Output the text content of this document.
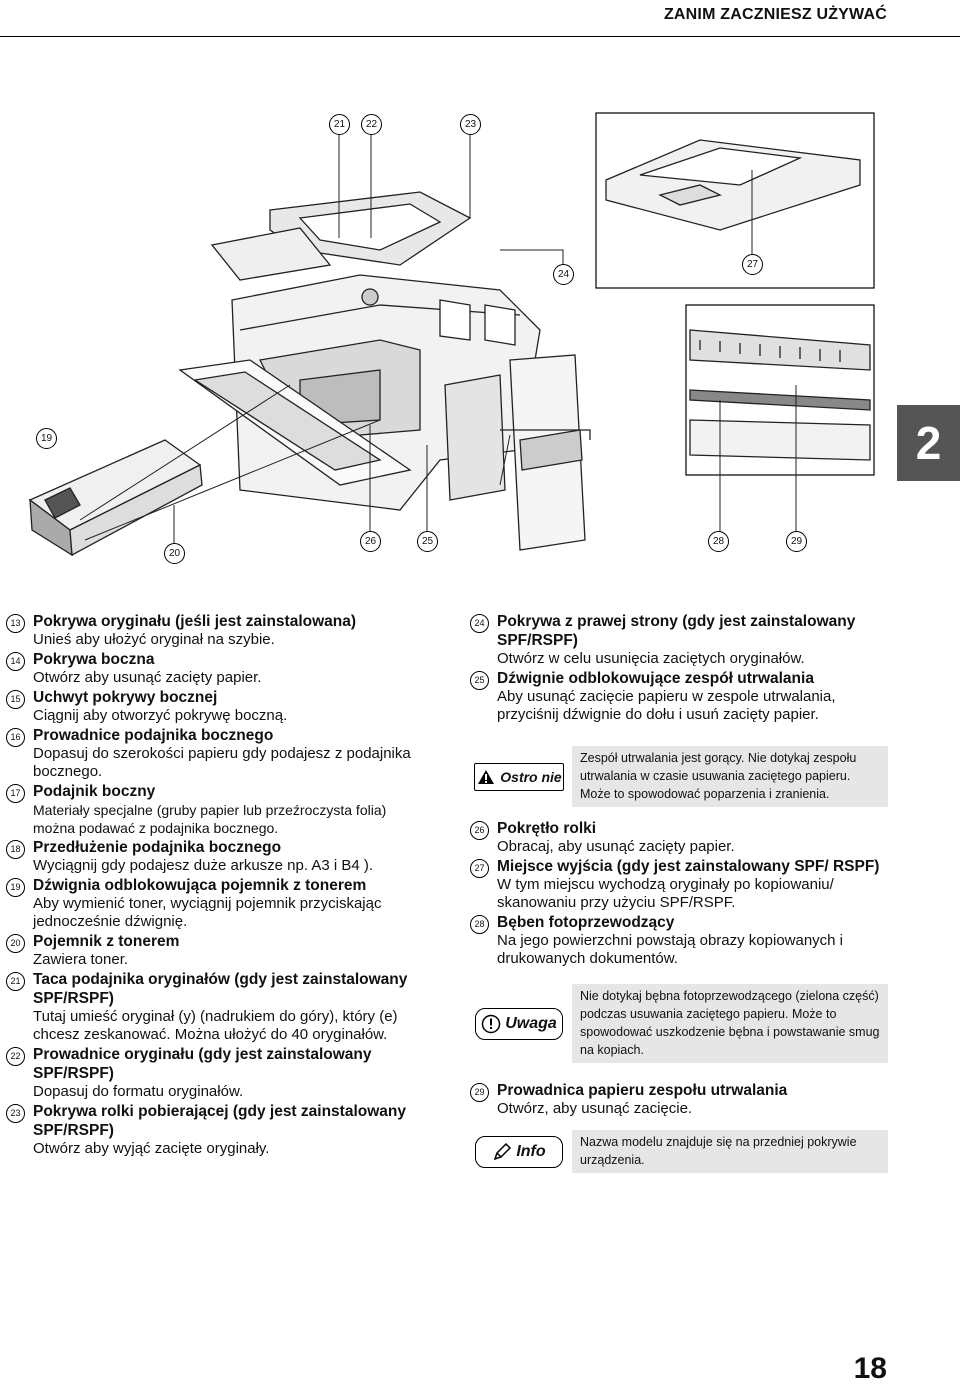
ZANIM ZACZNIESZ UŻYWAĆ
2
21	22	23
24
27
19
20
26	25	28	29
13 Pokrywa oryginału (jeśli jest zainstalowana)
Unieś aby ułożyć oryginał na szybie.
14 Pokrywa boczna
Otwórz aby usunąć zacięty papier.
15 Uchwyt pokrywy bocznej
Ciągnij aby otworzyć pokrywę boczną.
16 Prowadnice podajnika bocznego
Dopasuj do szerokości papieru gdy podajesz z podajnika bocznego.
17 Podajnik boczny
Materiały specjalne (gruby papier lub przeźroczysta folia) można podawać z podajnika bocznego.
18 Przedłużenie podajnika bocznego
Wyciągnij gdy podajesz duże arkusze np. A3 i B4 ).
19 Dźwignia odblokowująca pojemnik z tonerem
Aby wymienić toner, wyciągnij pojemnik przyciskając jednocześnie dźwignię.
20 Pojemnik z tonerem
Zawiera toner.
21 Taca podajnika oryginałów (gdy jest zainstalowany SPF/RSPF)
Tutaj umieść oryginał (y) (nadrukiem do góry), który (e) chcesz zeskanować. Można ułożyć do 40 oryginałów.
22 Prowadnice oryginału (gdy jest zainstalowany SPF/RSPF)
Dopasuj do formatu oryginałów.
23 Pokrywa rolki pobierającej (gdy jest zainstalowany SPF/RSPF)
Otwórz aby wyjąć zacięte oryginały.
24 Pokrywa z prawej strony (gdy jest zainstalowany SPF/RSPF)
Otwórz w celu usunięcia zaciętych oryginałów.
25 Dźwignie odblokowujące zespół utrwalania
Aby usunąć zacięcie papieru w zespole utrwalania, przyciśnij dźwignie do dołu i usuń zacięty papier.
Ostro nie
Zespół utrwalania jest gorący. Nie dotykaj zespołu utrwalania w czasie usuwania zaciętego papieru. Może to spowodować poparzenia i zranienia.
26 Pokrętło rolki
Obracaj, aby usunąć zacięty papier.
27 Miejsce wyjścia (gdy jest zainstalowany SPF/ RSPF)
W tym miejscu wychodzą oryginały po kopiowaniu/ skanowaniu przy użyciu SPF/RSPF.
28 Bęben fotoprzewodzący
Na jego powierzchni powstają obrazy kopiowanych i drukowanych dokumentów.
Uwaga
Nie dotykaj bębna fotoprzewodzącego (zielona część) podczas usuwania zaciętego papieru. Może to spowodować uszkodzenie bębna i powstawanie smug na kopiach.
29 Prowadnica papieru zespołu utrwalania
Otwórz, aby usunąć zacięcie.
Info
Nazwa modelu znajduje się na przedniej pokrywie urządzenia.
18
